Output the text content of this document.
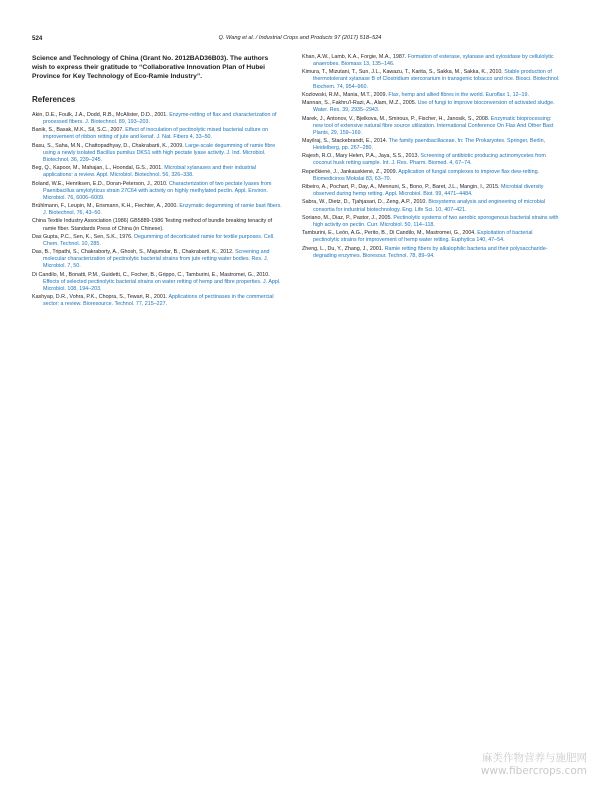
524	Q. Wang et al. / Industrial Crops and Products 97 (2017) 518–524

Science and Technology of China (Grant No. 2012BAD36B03). The authors wish to express their gratitude to “Collaborative Innovation Plan of Hubei Province for Key Technology of Eco-Ramie Industry”.

References
Akin, D.E., Foulk, J.A., Dodd, R.B., McAlister, D.D., 2001. Enzyme-retting of flax and characterization of processed fibers. J. Biotechnol. 89, 193–203.
Banik, S., Basak, M.K., Sil, S.C., 2007. Effect of inoculation of pectinolytic mixed bacterial culture on improvement of ribbon retting of jute and kenaf. J. Nat. Fibers 4, 33–50.
Basu, S., Saha, M.N., Chattopadhyay, D., Chakrabarti, K., 2009. Large-scale degumming of ramie fibre using a newly isolated Bacillus pumilus DKS1 with high pectate lyase activity. J. Ind. Microbiol. Biotechnol. 36, 239–245.
Beg, Q., Kapoor, M., Mahajan, L., Hoondal, G.S., 2001. Microbial xylanases and their industrial applications: a review. Appl. Microbiol. Biotechnol. 56, 326–338.
Boland, W.E., Henriksen, E.D., Doran-Peterson, J., 2010. Characterization of two pectate lyases from Paenibacillus amylolyticus strain 27C64 with activity on highly methylated pectin. Appl. Environ. Microbiol. 76, 6006–6009.
Brühlmann, F., Leupin, M., Erismann, K.H., Fiechter, A., 2000. Enzymatic degumming of ramie bast fibers. J. Biotechnol. 76, 43–50.
China Textile Industry Association (1986) GB5889-1986 Testing method of bundle breaking tenacity of ramie fiber. Standards Press of China (in Chinese).
Das Gupta, P.C., Sen, K., Sen, S.K., 1976. Degumming of decorticated ramie for textile purposes. Cell. Chem. Technol. 10, 285.
Das, B., Tripathi, S., Chakraborty, A., Ghosh, S., Majumdar, B., Chakrabarti, K., 2012. Screening and molecular characterization of pectinolytic bacterial strains from jute retting water bodies. Res. J. Microbiol. 7, 50.
Di Candilo, M., Bonatti, P.M., Guidetti, C., Focher, B., Grippo, C., Tamburini, E., Mastromei, G., 2010. Effects of selected pectinolytic bacterial strains on water retting of hemp and fibre properties. J. Appl. Microbiol. 108, 194–203.
Kashyap, D.R., Vohra, P.K., Chopra, S., Tewari, R., 2001. Applications of pectinases in the commercial sector: a review. Bioresource. Technol. 77, 215–227.
Khan, A.W., Lamb, K.A., Forgie, M.A., 1987. Formation of esterase, xylanase and xylosidase by cellulolytic anaerobes. Biomass 13, 135–146.
Kimura, T., Mizutani, T., Sun, J.L., Kawazu, T., Karita, S., Sakka, M., Sakka, K., 2010. Stable production of thermotolerant xylanase B of Clostridium stercorarium in transgenic tobacco and rice. Biosci. Biotechnol. Biochem. 74, 954–960.
Kozlowski, R.M., Mania, M.T., 2009. Flax, hemp and allied fibres in the world. Euroflax 1, 12–19.
Mannan, S., Fakhru'l-Razi, A., Alam, M.Z., 2005. Use of fungi to improve bioconversion of activated sludge. Water. Res. 39, 2935–2943.
Marek, J., Antonov, V., Bjelkova, M., Smirous, P., Fischer, H., Janosik, S., 2008. Enzymatic bioprocessing: new tool of extensive natural fibre source utilization. International Conference On Flax And Other Bast Plants, 29, 159–169.
Mayilraj, S., Stackebrandt, E., 2014. The family paenibacillaceae. In: The Prokaryotes. Springer, Berlin, Heidelberg, pp. 267–280.
Rajesh, R.O., Mary Helen, P.A., Jaya, S.S., 2013. Screening of antibiotic producing actinomycetes from coconut husk retting sample. Int. J. Res. Pharm. Biomed. 4, 67–74.
Repečkienė, J., Jankauskienė, Z., 2009. Application of fungal complexes to improve flax dew-retting. Biomedicinos Mokslai 83, 63–70.
Ribeiro, A., Pochart, P., Day, A., Mennuni, S., Bono, P., Baret, J.L., Mangin, I., 2015. Microbial diversity observed during hemp retting. Appl. Microbiol. Biot. 99, 4471–4484.
Sabra, W., Dietz, D., Tjahjasari, D., Zeng, A.P., 2010. Biosystems analysis and engineering of microbial consortia for industrial biotechnology. Eng. Life Sci. 10, 407–421.
Soriano, M., Diaz, P., Pastor, J., 2005. Pectinolytic systems of two aerobic sporogenous bacterial strains with high activity on pectin. Curr. Microbiol. 50, 114–118.
Tamburini, E., León, A.G., Perito, B., Di Candilo, M., Mastromei, G., 2004. Exploitation of bacterial pectinolytic strains for improvement of hemp water retting. Euphytica 140, 47–54.
Zheng, L., Du, Y., Zhang, J., 2001. Ramie retting fibers by alkalophilic bacteria and their polysaccharide-degrading enzymes. Bioresour. Technol. 78, 89–94.
麻类作物营养与施肥网
www.fibercrops.com
